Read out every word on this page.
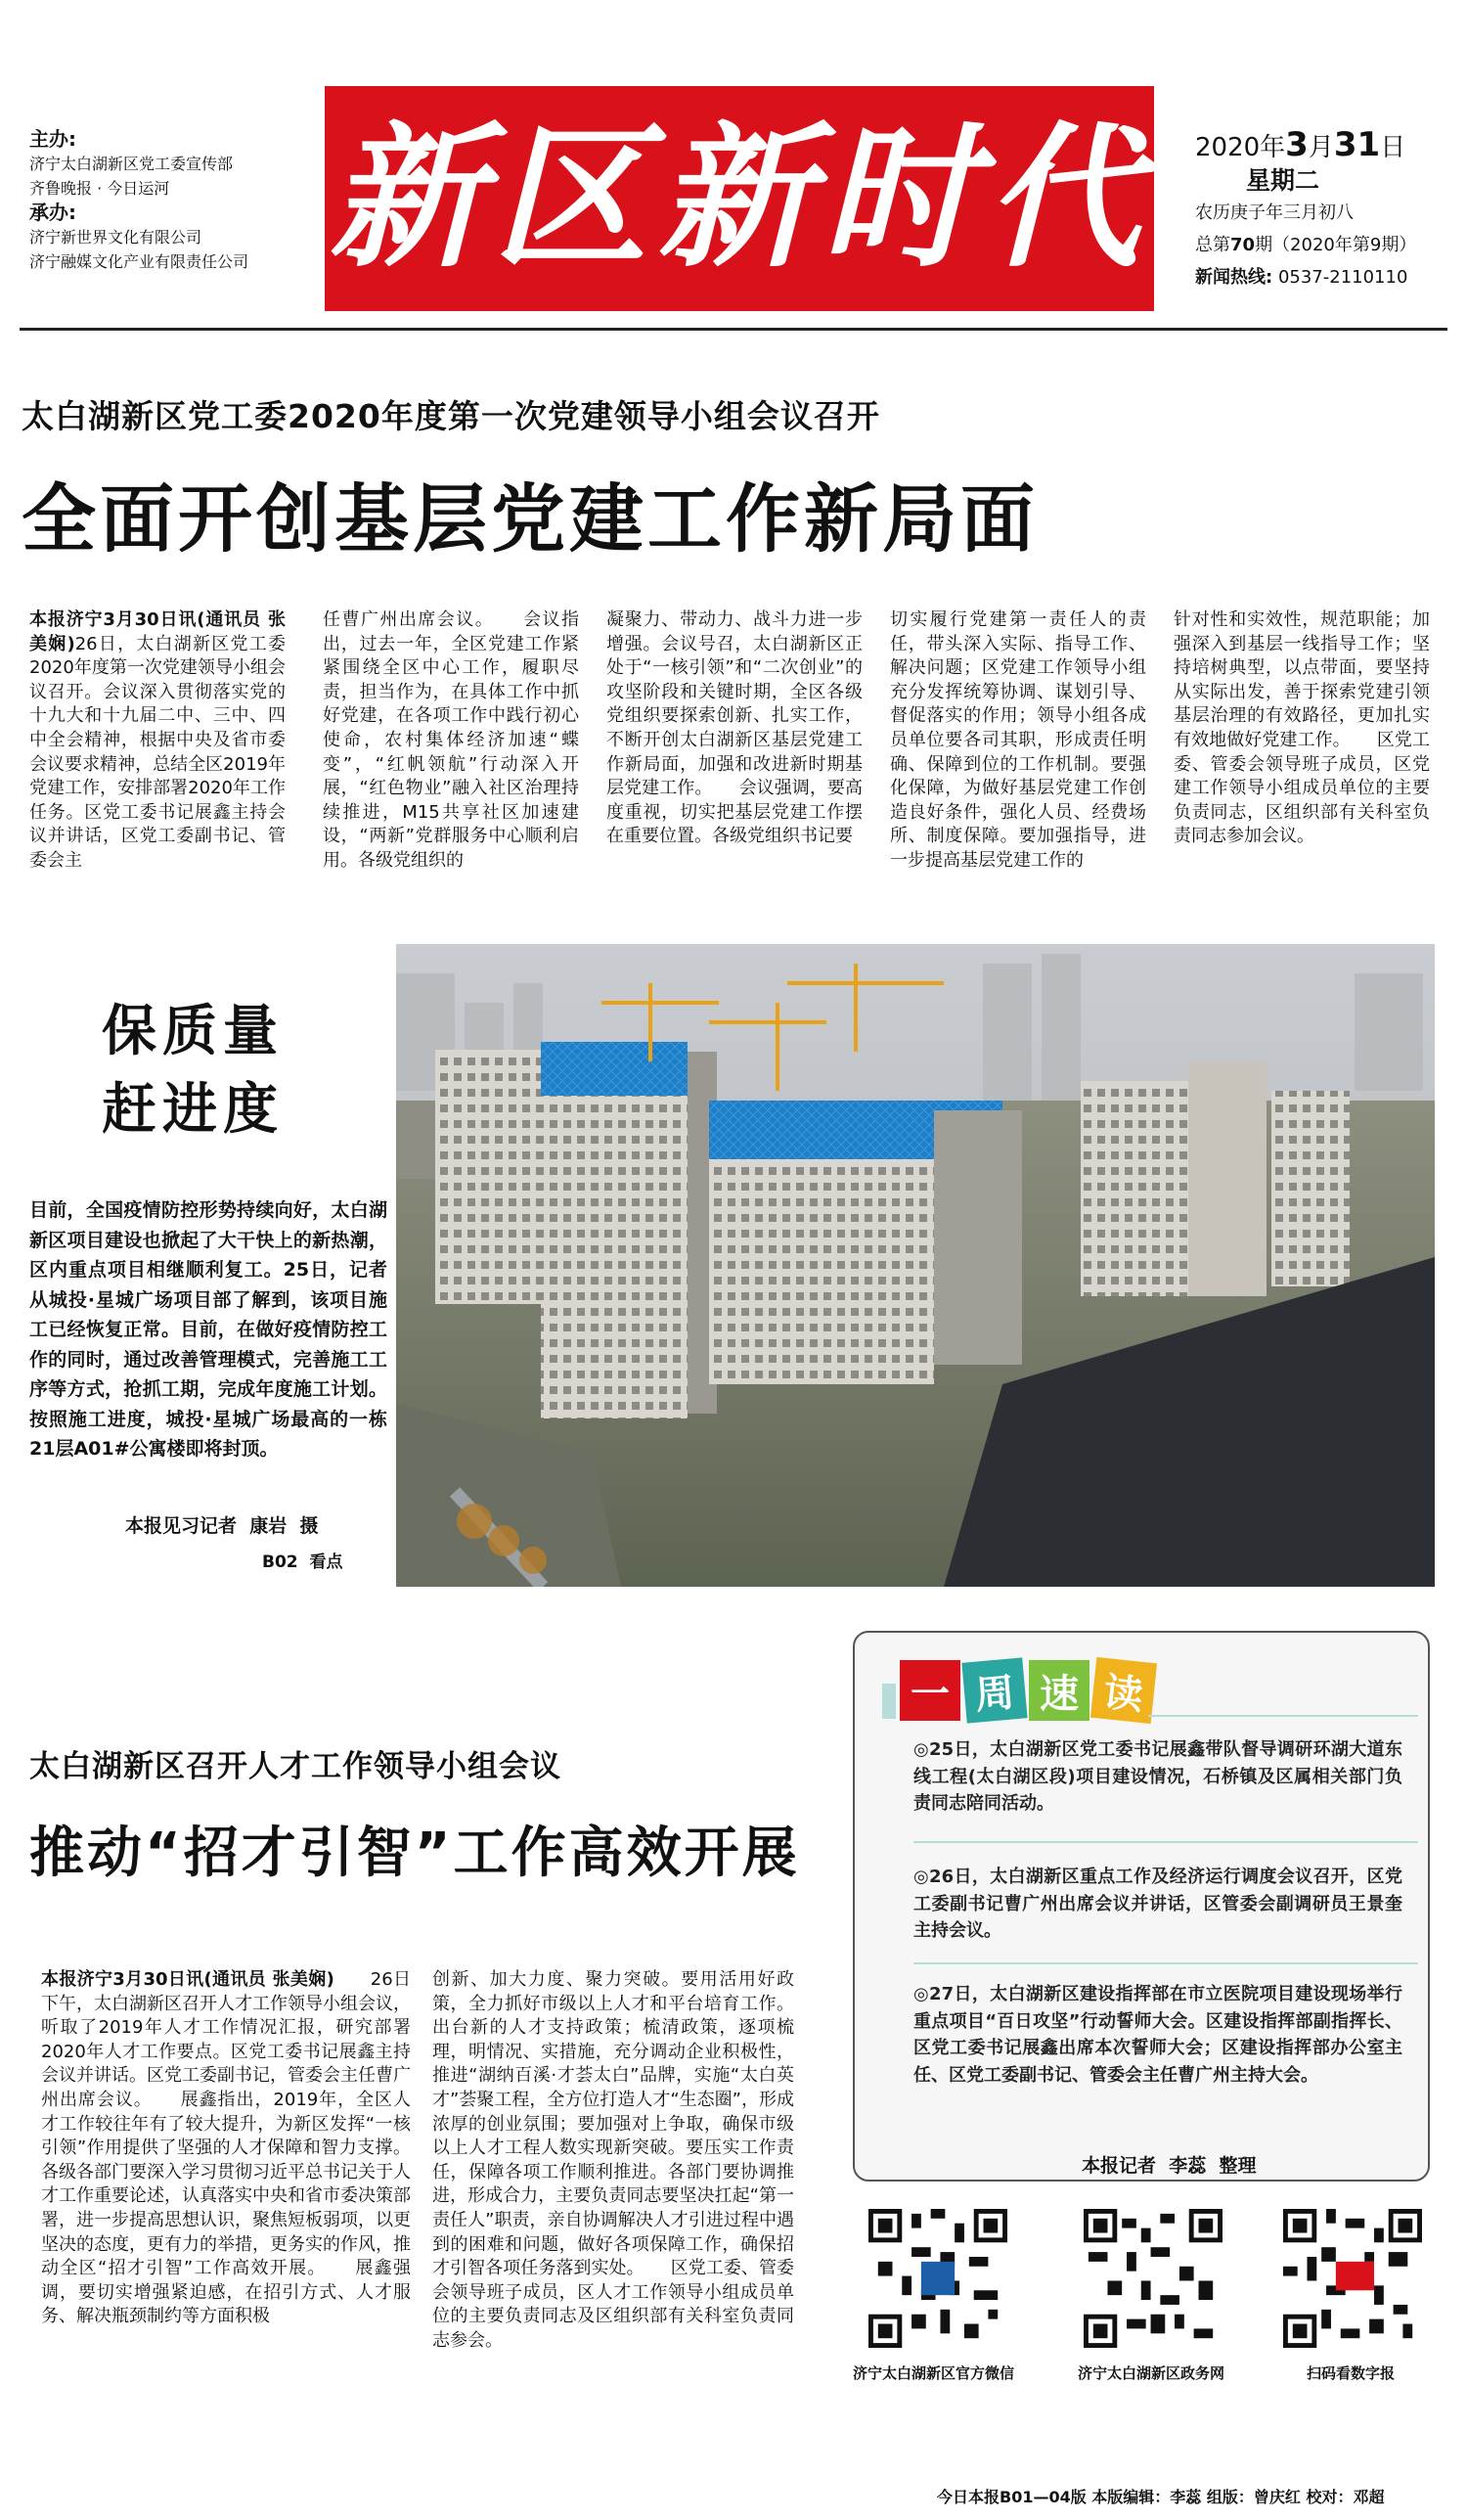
主办:
济宁太白湖新区党工委宣传部
齐鲁晚报 · 今日运河
承办:
济宁新世界文化有限公司
济宁融媒文化产业有限责任公司 新区新时代 2020年3月31日
星期二
农历庚子年三月初八
总第70期（2020年第9期）
新闻热线: 0537-2110110
太白湖新区党工委2020年度第一次党建领导小组会议召开
全面开创基层党建工作新局面
本报济宁3月30日讯(通讯员 张美娴)26日，太白湖新区党工委2020年度第一次党建领导小组会议召开。会议深入贯彻落实党的十九大和十九届二中、三中、四中全会精神，根据中央及省市委会议要求精神，总结全区2019年党建工作，安排部署2020年工作任务。区党工委书记展鑫主持会议并讲话，区党工委副书记、管委会主
任曹广州出席会议。　　会议指出，过去一年，全区党建工作紧紧围绕全区中心工作，履职尽责，担当作为，在具体工作中抓好党建，在各项工作中践行初心使命，农村集体经济加速“蝶变”，“红帆领航”行动深入开展，“红色物业”融入社区治理持续推进，M15共享社区加速建设，“两新”党群服务中心顺利启用。各级党组织的
凝聚力、带动力、战斗力进一步增强。会议号召，太白湖新区正处于“一核引领”和“二次创业”的攻坚阶段和关键时期，全区各级党组织要探索创新、扎实工作，不断开创太白湖新区基层党建工作新局面，加强和改进新时期基层党建工作。　　会议强调，要高度重视，切实把基层党建工作摆在重要位置。各级党组织书记要
切实履行党建第一责任人的责任，带头深入实际、指导工作、解决问题；区党建工作领导小组充分发挥统筹协调、谋划引导、督促落实的作用；领导小组各成员单位要各司其职，形成责任明确、保障到位的工作机制。要强化保障，为做好基层党建工作创造良好条件，强化人员、经费场所、制度保障。要加强指导，进一步提高基层党建工作的
针对性和实效性，规范职能；加强深入到基层一线指导工作；坚持培树典型，以点带面，要坚持从实际出发，善于探索党建引领基层治理的有效路径，更加扎实有效地做好党建工作。　　区党工委、管委会领导班子成员，区党建工作领导小组成员单位的主要负责同志，区组织部有关科室负责同志参加会议。
保质量
赶进度
目前，全国疫情防控形势持续向好，太白湖新区项目建设也掀起了大干快上的新热潮，区内重点项目相继顺利复工。25日，记者从城投·星城广场项目部了解到，该项目施工已经恢复正常。目前，在做好疫情防控工作的同时，通过改善管理模式，完善施工工序等方式，抢抓工期，完成年度施工计划。按照施工进度，城投·星城广场最高的一栋21层A01#公寓楼即将封顶。
本报见习记者  康岩  摄
B02  看点
太白湖新区召开人才工作领导小组会议
推动“招才引智”工作高效开展
本报济宁3月30日讯(通讯员 张美娴)　　26日下午，太白湖新区召开人才工作领导小组会议，听取了2019年人才工作情况汇报，研究部署2020年人才工作要点。区党工委书记展鑫主持会议并讲话。区党工委副书记，管委会主任曹广州出席会议。　　展鑫指出，2019年，全区人才工作较往年有了较大提升，为新区发挥“一核引领”作用提供了坚强的人才保障和智力支撑。各级各部门要深入学习贯彻习近平总书记关于人才工作重要论述，认真落实中央和省市委决策部署，进一步提高思想认识，聚焦短板弱项，以更坚决的态度，更有力的举措，更务实的作风，推动全区“招才引智”工作高效开展。　　展鑫强调，要切实增强紧迫感，在招引方式、人才服务、解决瓶颈制约等方面积极
创新、加大力度、聚力突破。要用活用好政策，全力抓好市级以上人才和平台培育工作。出台新的人才支持政策；梳清政策，逐项梳理，明情况、实措施，充分调动企业积极性，推进“湖纳百溪·才荟太白”品牌，实施“太白英才”荟聚工程，全方位打造人才“生态圈”，形成浓厚的创业氛围；要加强对上争取，确保市级以上人才工程人数实现新突破。要压实工作责任，保障各项工作顺利推进。各部门要协调推进，形成合力，主要负责同志要坚决扛起“第一责任人”职责，亲自协调解决人才引进过程中遇到的困难和问题，做好各项保障工作，确保招才引智各项任务落到实处。　　区党工委、管委会领导班子成员，区人才工作领导小组成员单位的主要负责同志及区组织部有关科室负责同志参会。
一 周 速 读
◎25日，太白湖新区党工委书记展鑫带队督导调研环湖大道东线工程(太白湖区段)项目建设情况，石桥镇及区属相关部门负责同志陪同活动。
◎26日，太白湖新区重点工作及经济运行调度会议召开，区党工委副书记曹广州出席会议并讲话，区管委会副调研员王景奎主持会议。
◎27日，太白湖新区建设指挥部在市立医院项目建设现场举行重点项目“百日攻坚”行动誓师大会。区建设指挥部副指挥长、区党工委书记展鑫出席本次誓师大会；区建设指挥部办公室主任、区党工委副书记、管委会主任曹广州主持大会。
本报记者  李蕊  整理
济宁太白湖新区官方微信	济宁太白湖新区政务网	扫码看数字报
今日本报B01—04版 本版编辑：李蕊 组版：曾庆红 校对：邓超
